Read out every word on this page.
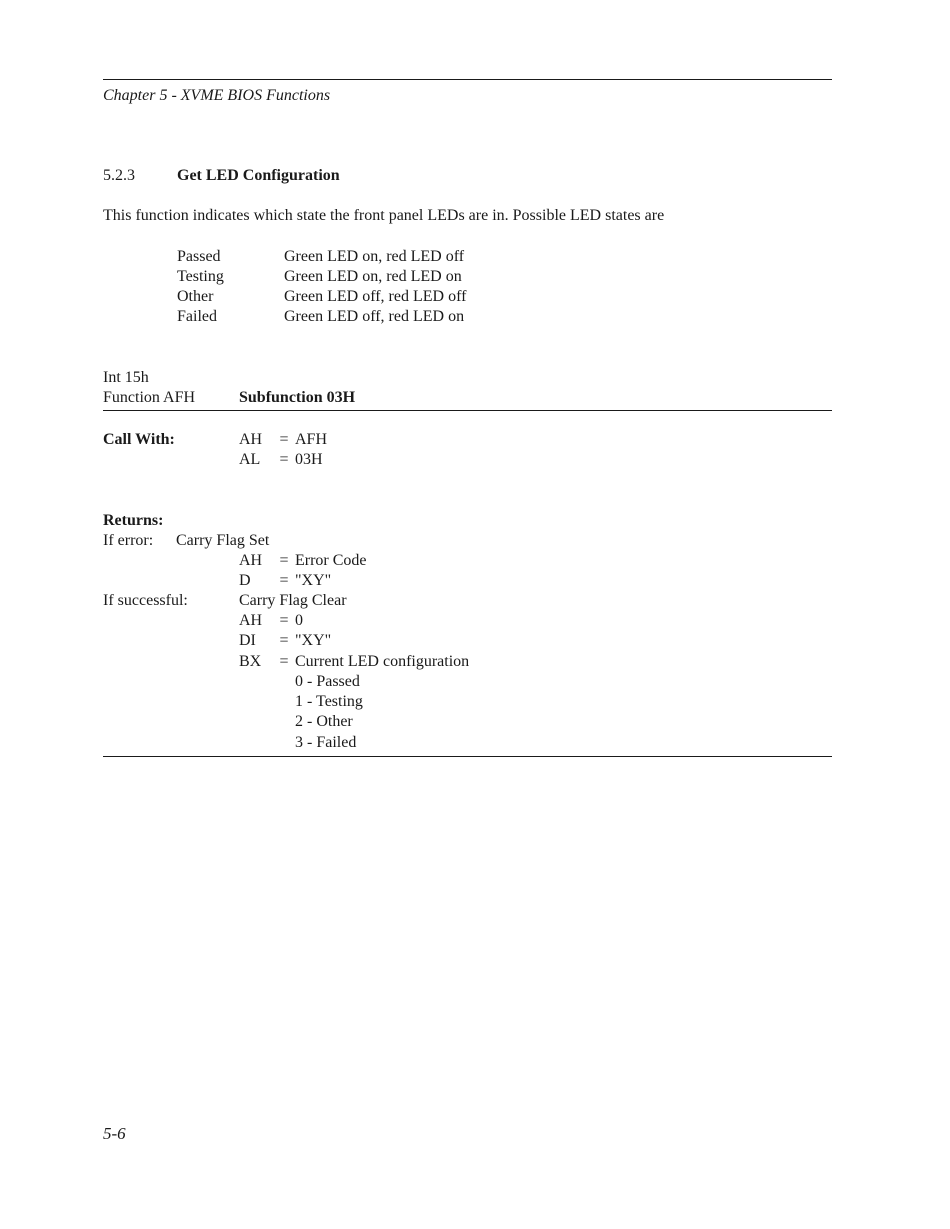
Chapter 5 - XVME BIOS Functions
5.2.3	Get LED Configuration
This function indicates which state the front panel LEDs are in. Possible LED states are
Passed	Green LED on, red LED off
Testing	Green LED on, red LED on
Other	Green LED off, red LED off
Failed	Green LED off, red LED on
Int 15h
Function AFH	Subfunction 03H
Call With:	AH = AFH
AL = 03H
Returns:
If error: Carry Flag Set
AH = Error Code
D = "XY"
If successful:	Carry Flag Clear
AH = 0
DI = "XY"
BX = Current LED configuration
0 - Passed
1 - Testing
2 - Other
3 - Failed
5-6
